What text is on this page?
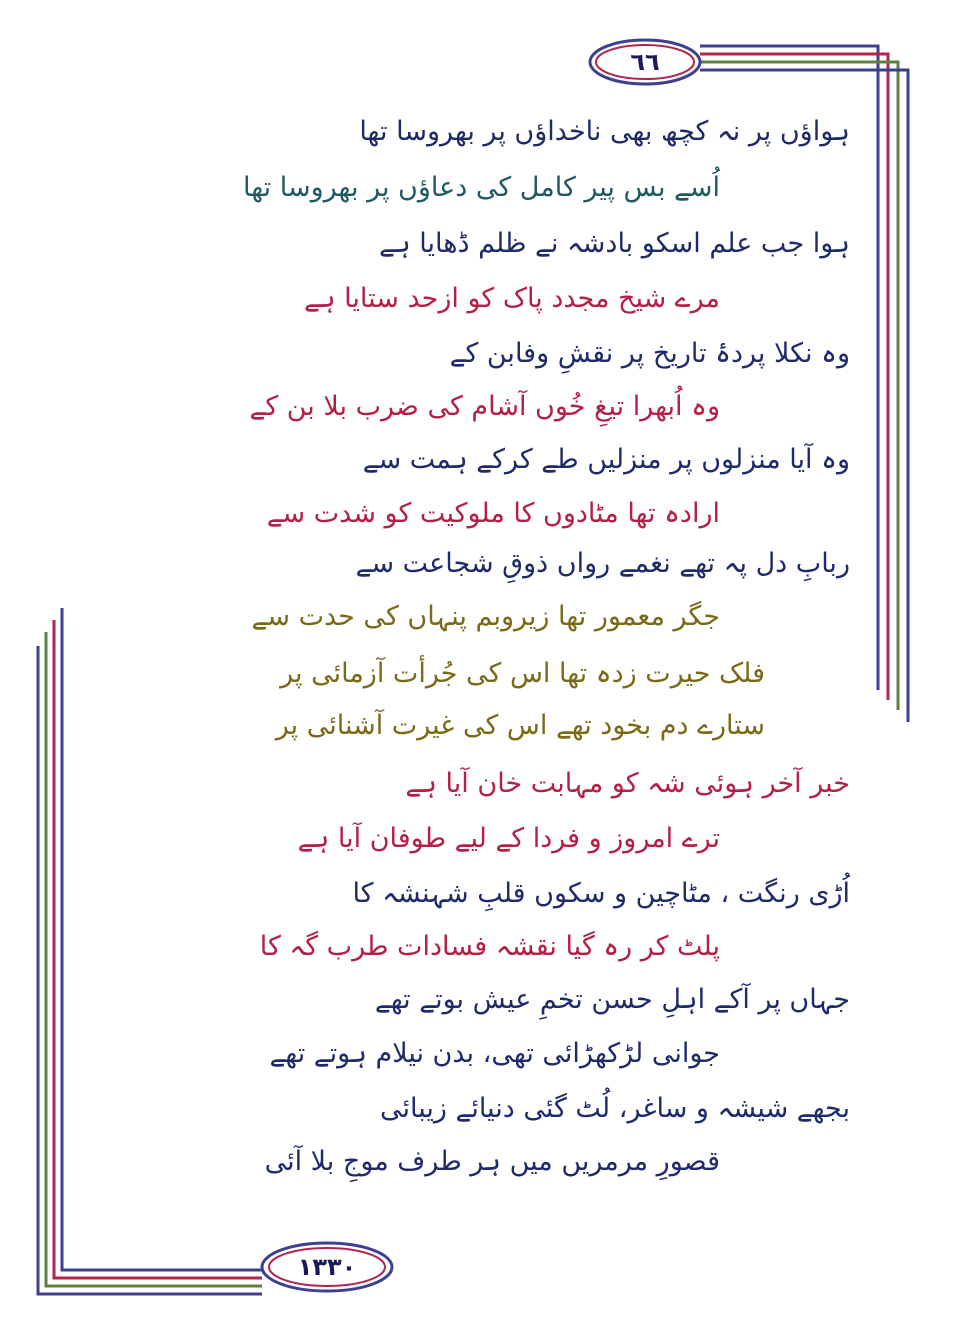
٦٦
١٣٣٠
ہواؤں پر نہ کچھ بھی ناخداؤں پر بھروسا تھا
اُسے بس پیر کامل کی دعاؤں پر بھروسا تھا
ہوا جب علم اسکو بادشہ نے ظلم ڈھایا ہے
مرے شیخ مجدد پاک کو ازحد ستایا ہے
وہ نکلا پردۂ تاریخ پر نقشِ وفابن کے
وہ اُبھرا تیغِ خُوں آشام کی ضرب بلا بن کے
وہ آیا منزلوں پر منزلیں طے کرکے ہمت سے
ارادہ تھا مٹادوں کا ملوکیت کو شدت سے
ربابِ دل پہ تھے نغمے رواں ذوقِ شجاعت سے
جگر معمور تھا زیروبم پنہاں کی حدت سے
فلک حیرت زدہ تھا اس کی جُرأت آزمائی پر
ستارے دم بخود تھے اس کی غیرت آشنائی پر
خبر آخر ہوئی شہ کو مہابت خان آیا ہے
ترے امروز و فردا کے لیے طوفان آیا ہے
اُڑی رنگت ، مٹاچین و سکوں قلبِ شہنشہ کا
پلٹ کر رہ گیا نقشہ فسادات طرب گہ کا
جہاں پر آکے اہلِ حسن تخمِ عیش بوتے تھے
جوانی لڑکھڑائی تھی، بدن نیلام ہوتے تھے
بجھے شیشہ و ساغر، لُٹ گئی دنیائے زیبائی
قصورِ مرمریں میں ہر طرف موجِ بلا آئی
